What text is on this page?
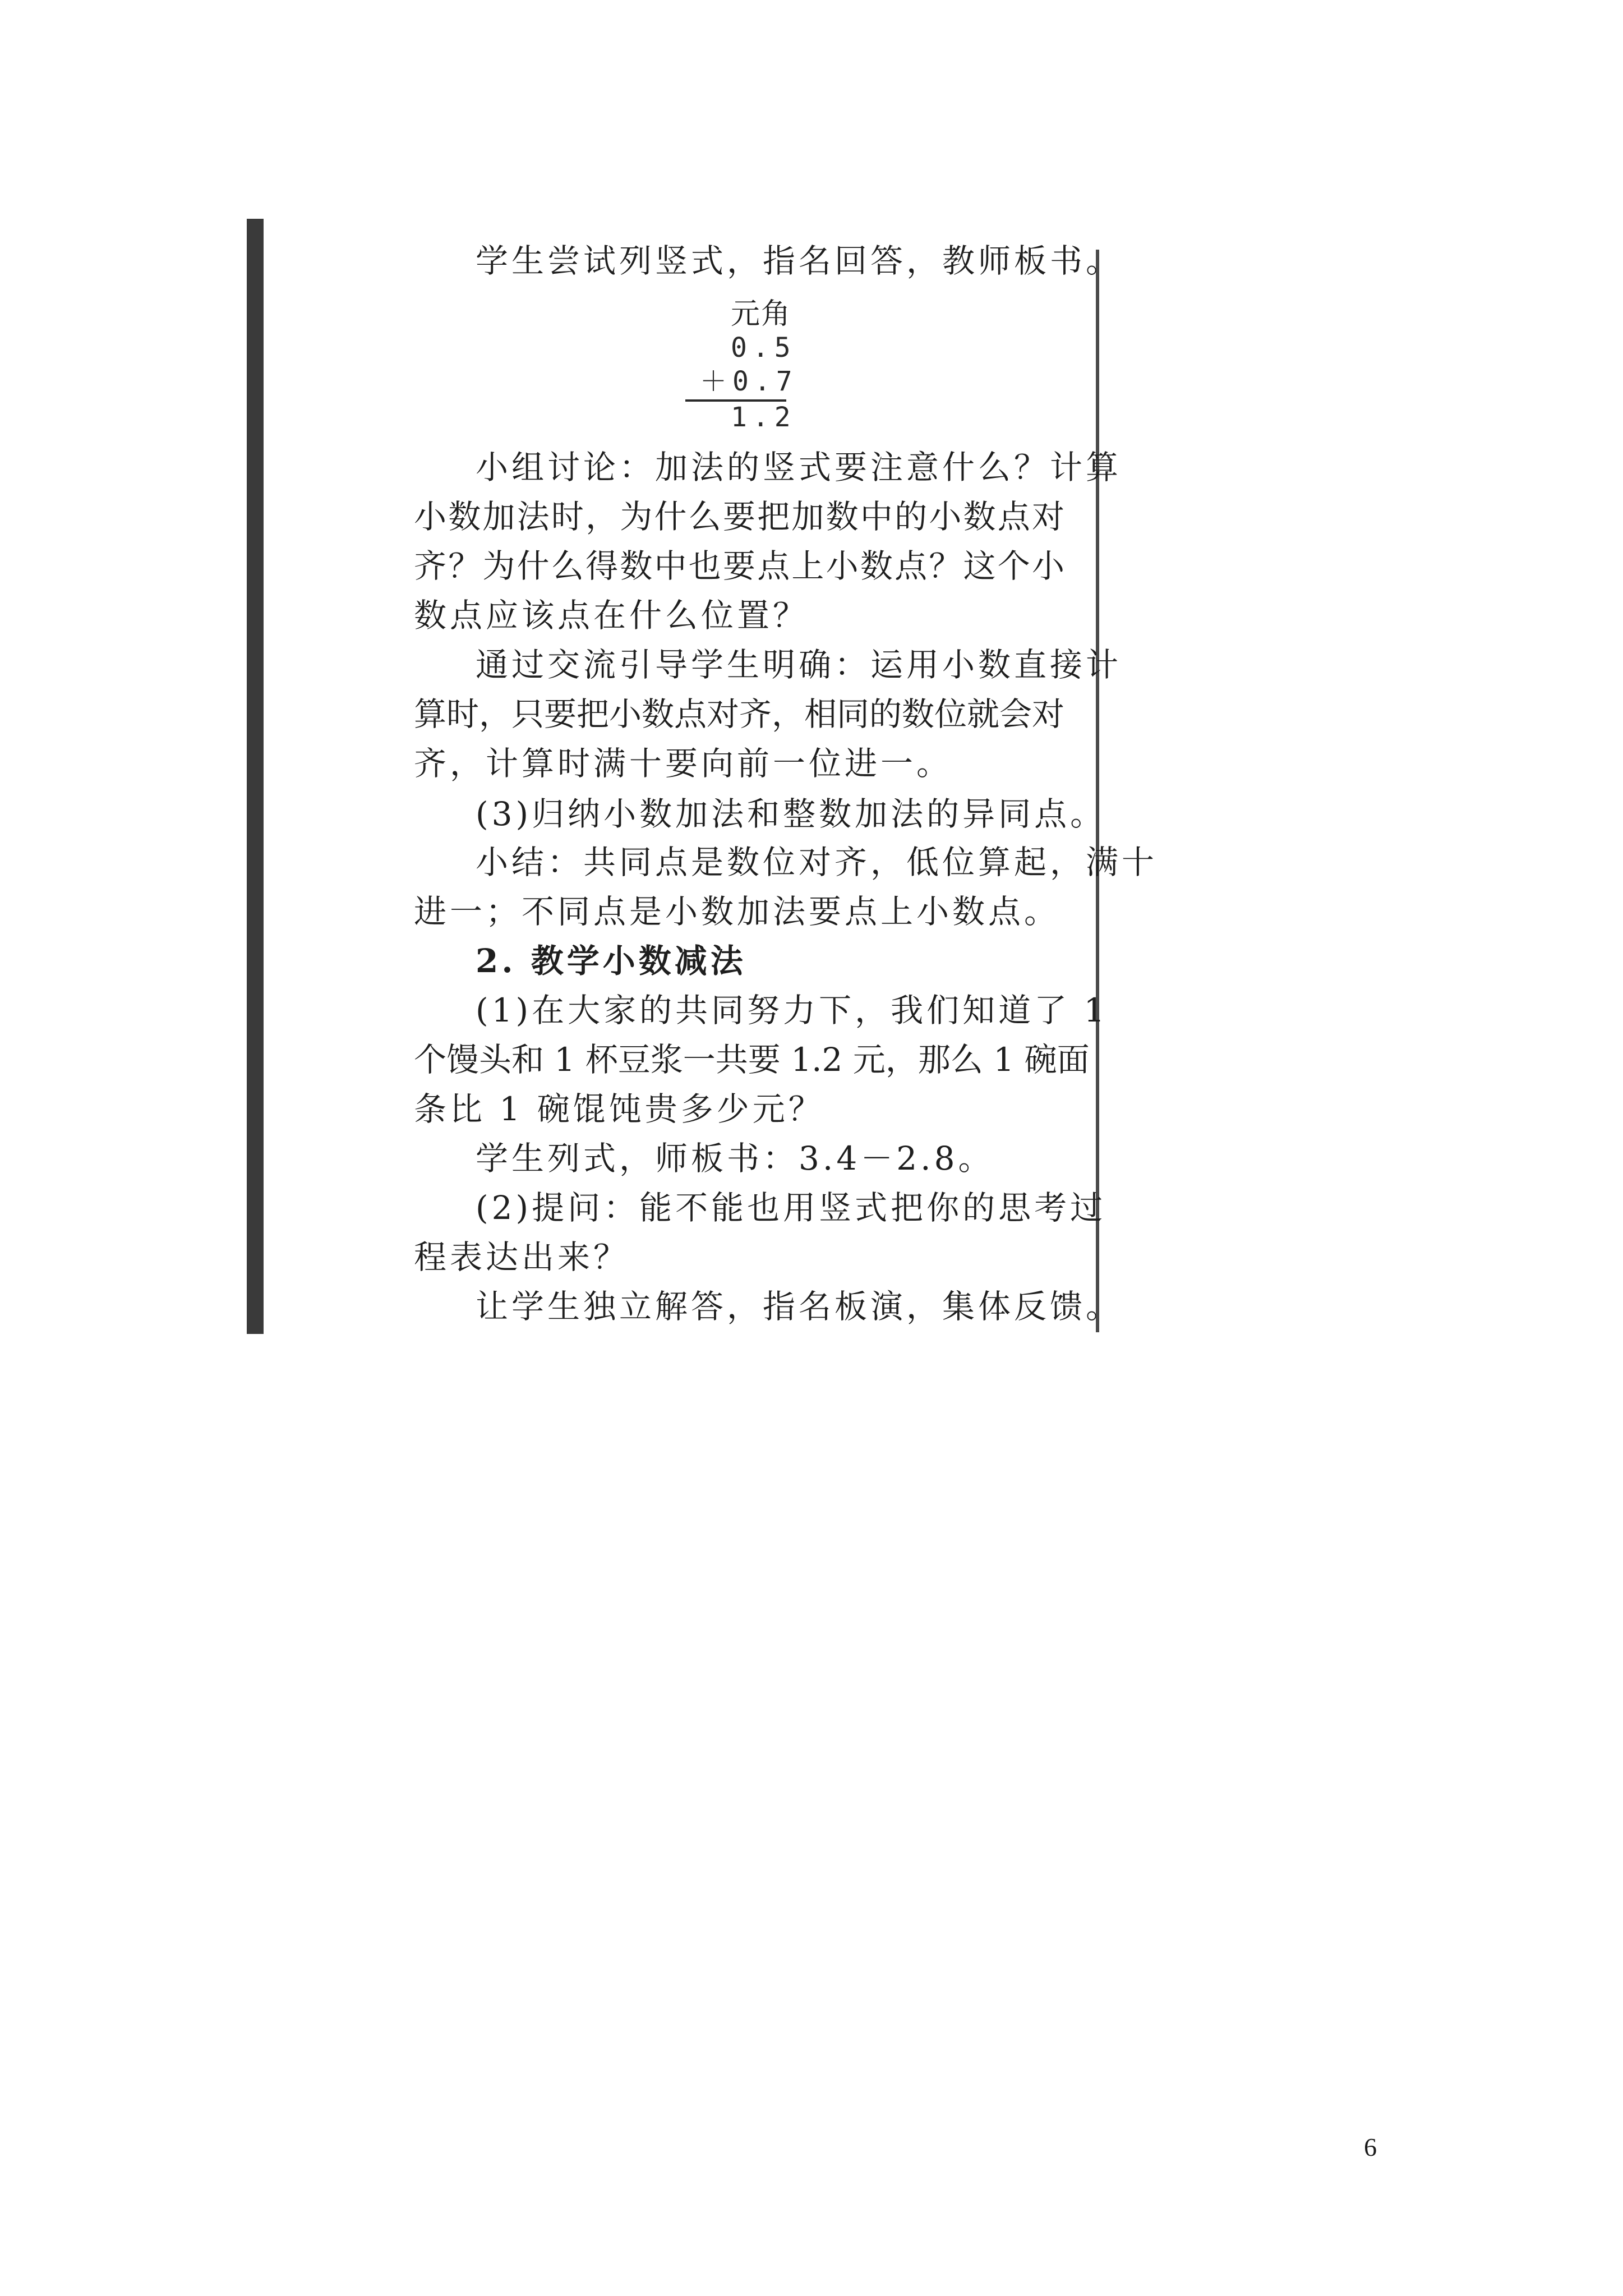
学生尝试列竖式，指名回答，教师板书。
元角
0.5
＋0.7
1.2
小组讨论：加法的竖式要注意什么？计算
小数加法时，为什么要把加数中的小数点对
齐？为什么得数中也要点上小数点？这个小
数点应该点在什么位置？
通过交流引导学生明确：运用小数直接计
算时，只要把小数点对齐，相同的数位就会对
齐，计算时满十要向前一位进一。
(3)归纳小数加法和整数加法的异同点。
小结：共同点是数位对齐，低位算起，满十
进一；不同点是小数加法要点上小数点。
2. 教学小数减法
(1)在大家的共同努力下，我们知道了 1
个馒头和 1 杯豆浆一共要 1.2 元，那么 1 碗面
条比 1 碗馄饨贵多少元？
学生列式，师板书：3.4－2.8。
(2)提问：能不能也用竖式把你的思考过
程表达出来？
让学生独立解答，指名板演，集体反馈。
6
